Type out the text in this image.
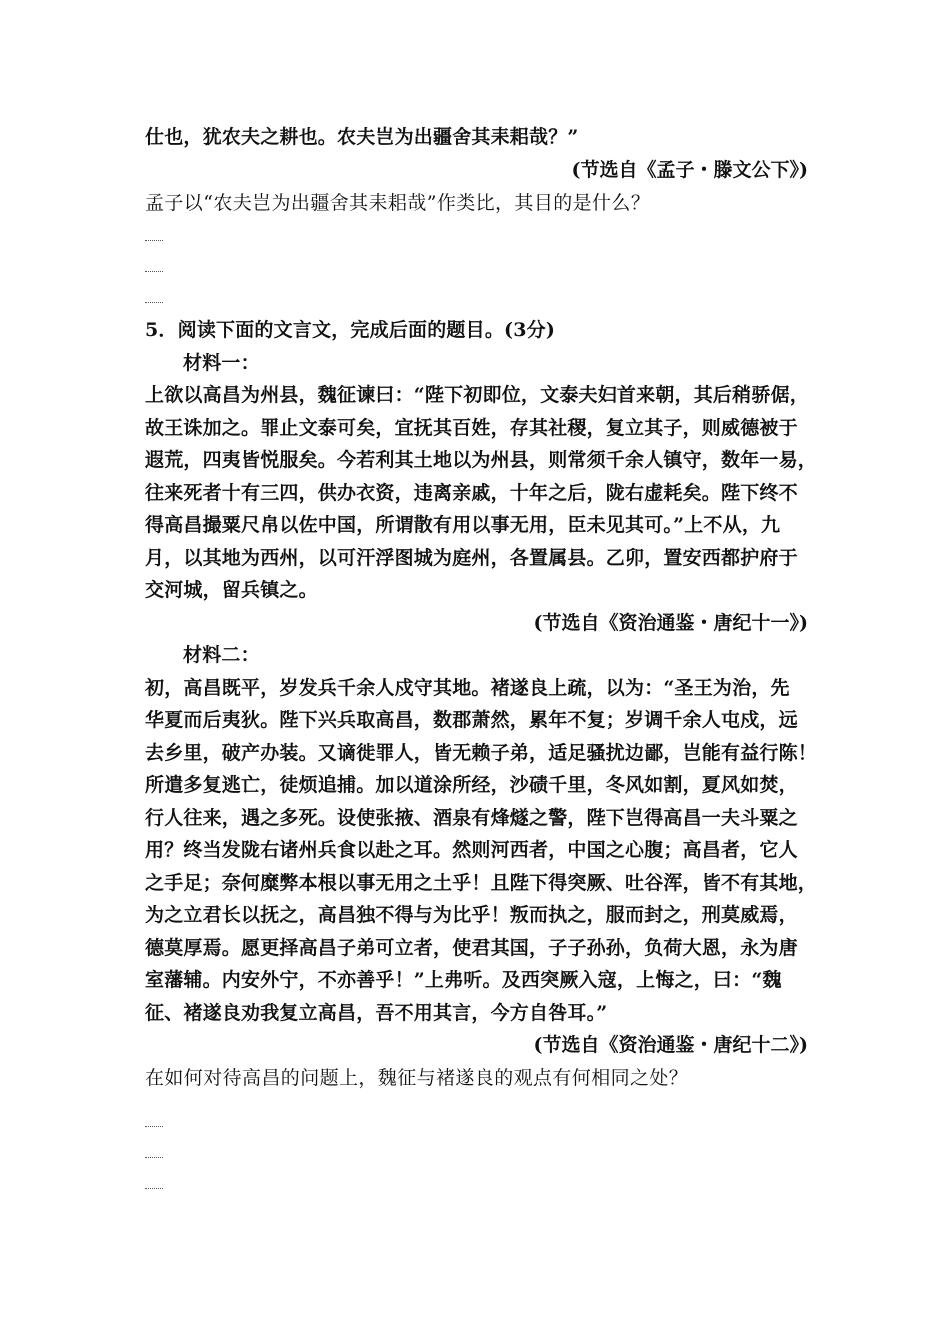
仕也，犹农夫之耕也。农夫岂为出疆舍其耒耜哉？”
(节选自《孟子・滕文公下》)
孟子以“农夫岂为出疆舍其耒耜哉”作类比，其目的是什么？
5．阅读下面的文言文，完成后面的题目。(3分)
材料一：
上欲以高昌为州县，魏征谏曰：“陛下初即位，文泰夫妇首来朝，其后稍骄倨，
故王诛加之。罪止文泰可矣，宜抚其百姓，存其社稷，复立其子，则威德被于
遐荒，四夷皆悦服矣。今若利其土地以为州县，则常须千余人镇守，数年一易，
往来死者十有三四，供办衣资，违离亲戚，十年之后，陇右虚耗矣。陛下终不
得高昌撮粟尺帛以佐中国，所谓散有用以事无用，臣未见其可。”上不从，九
月，以其地为西州，以可汗浮图城为庭州，各置属县。乙卯，置安西都护府于
交河城，留兵镇之。
(节选自《资治通鉴・唐纪十一》)
材料二：
初，高昌既平，岁发兵千余人戍守其地。褚遂良上疏，以为：“圣王为治，先
华夏而后夷狄。陛下兴兵取高昌，数郡萧然，累年不复；岁调千余人屯戍，远
去乡里，破产办装。又谪徙罪人，皆无赖子弟，适足骚扰边鄙，岂能有益行陈！
所遣多复逃亡，徒烦追捕。加以道涂所经，沙碛千里，冬风如割，夏风如焚，
行人往来，遇之多死。设使张掖、酒泉有烽燧之警，陛下岂得高昌一夫斗粟之
用？终当发陇右诸州兵食以赴之耳。然则河西者，中国之心腹；高昌者，它人
之手足；奈何糜弊本根以事无用之土乎！且陛下得突厥、吐谷浑，皆不有其地，
为之立君长以抚之，高昌独不得与为比乎！叛而执之，服而封之，刑莫威焉，
德莫厚焉。愿更择高昌子弟可立者，使君其国，子子孙孙，负荷大恩，永为唐
室藩辅。内安外宁，不亦善乎！”上弗听。及西突厥入寇，上悔之，曰：“魏
征、褚遂良劝我复立高昌，吾不用其言，今方自咎耳。”
(节选自《资治通鉴・唐纪十二》)
在如何对待高昌的问题上，魏征与褚遂良的观点有何相同之处？
